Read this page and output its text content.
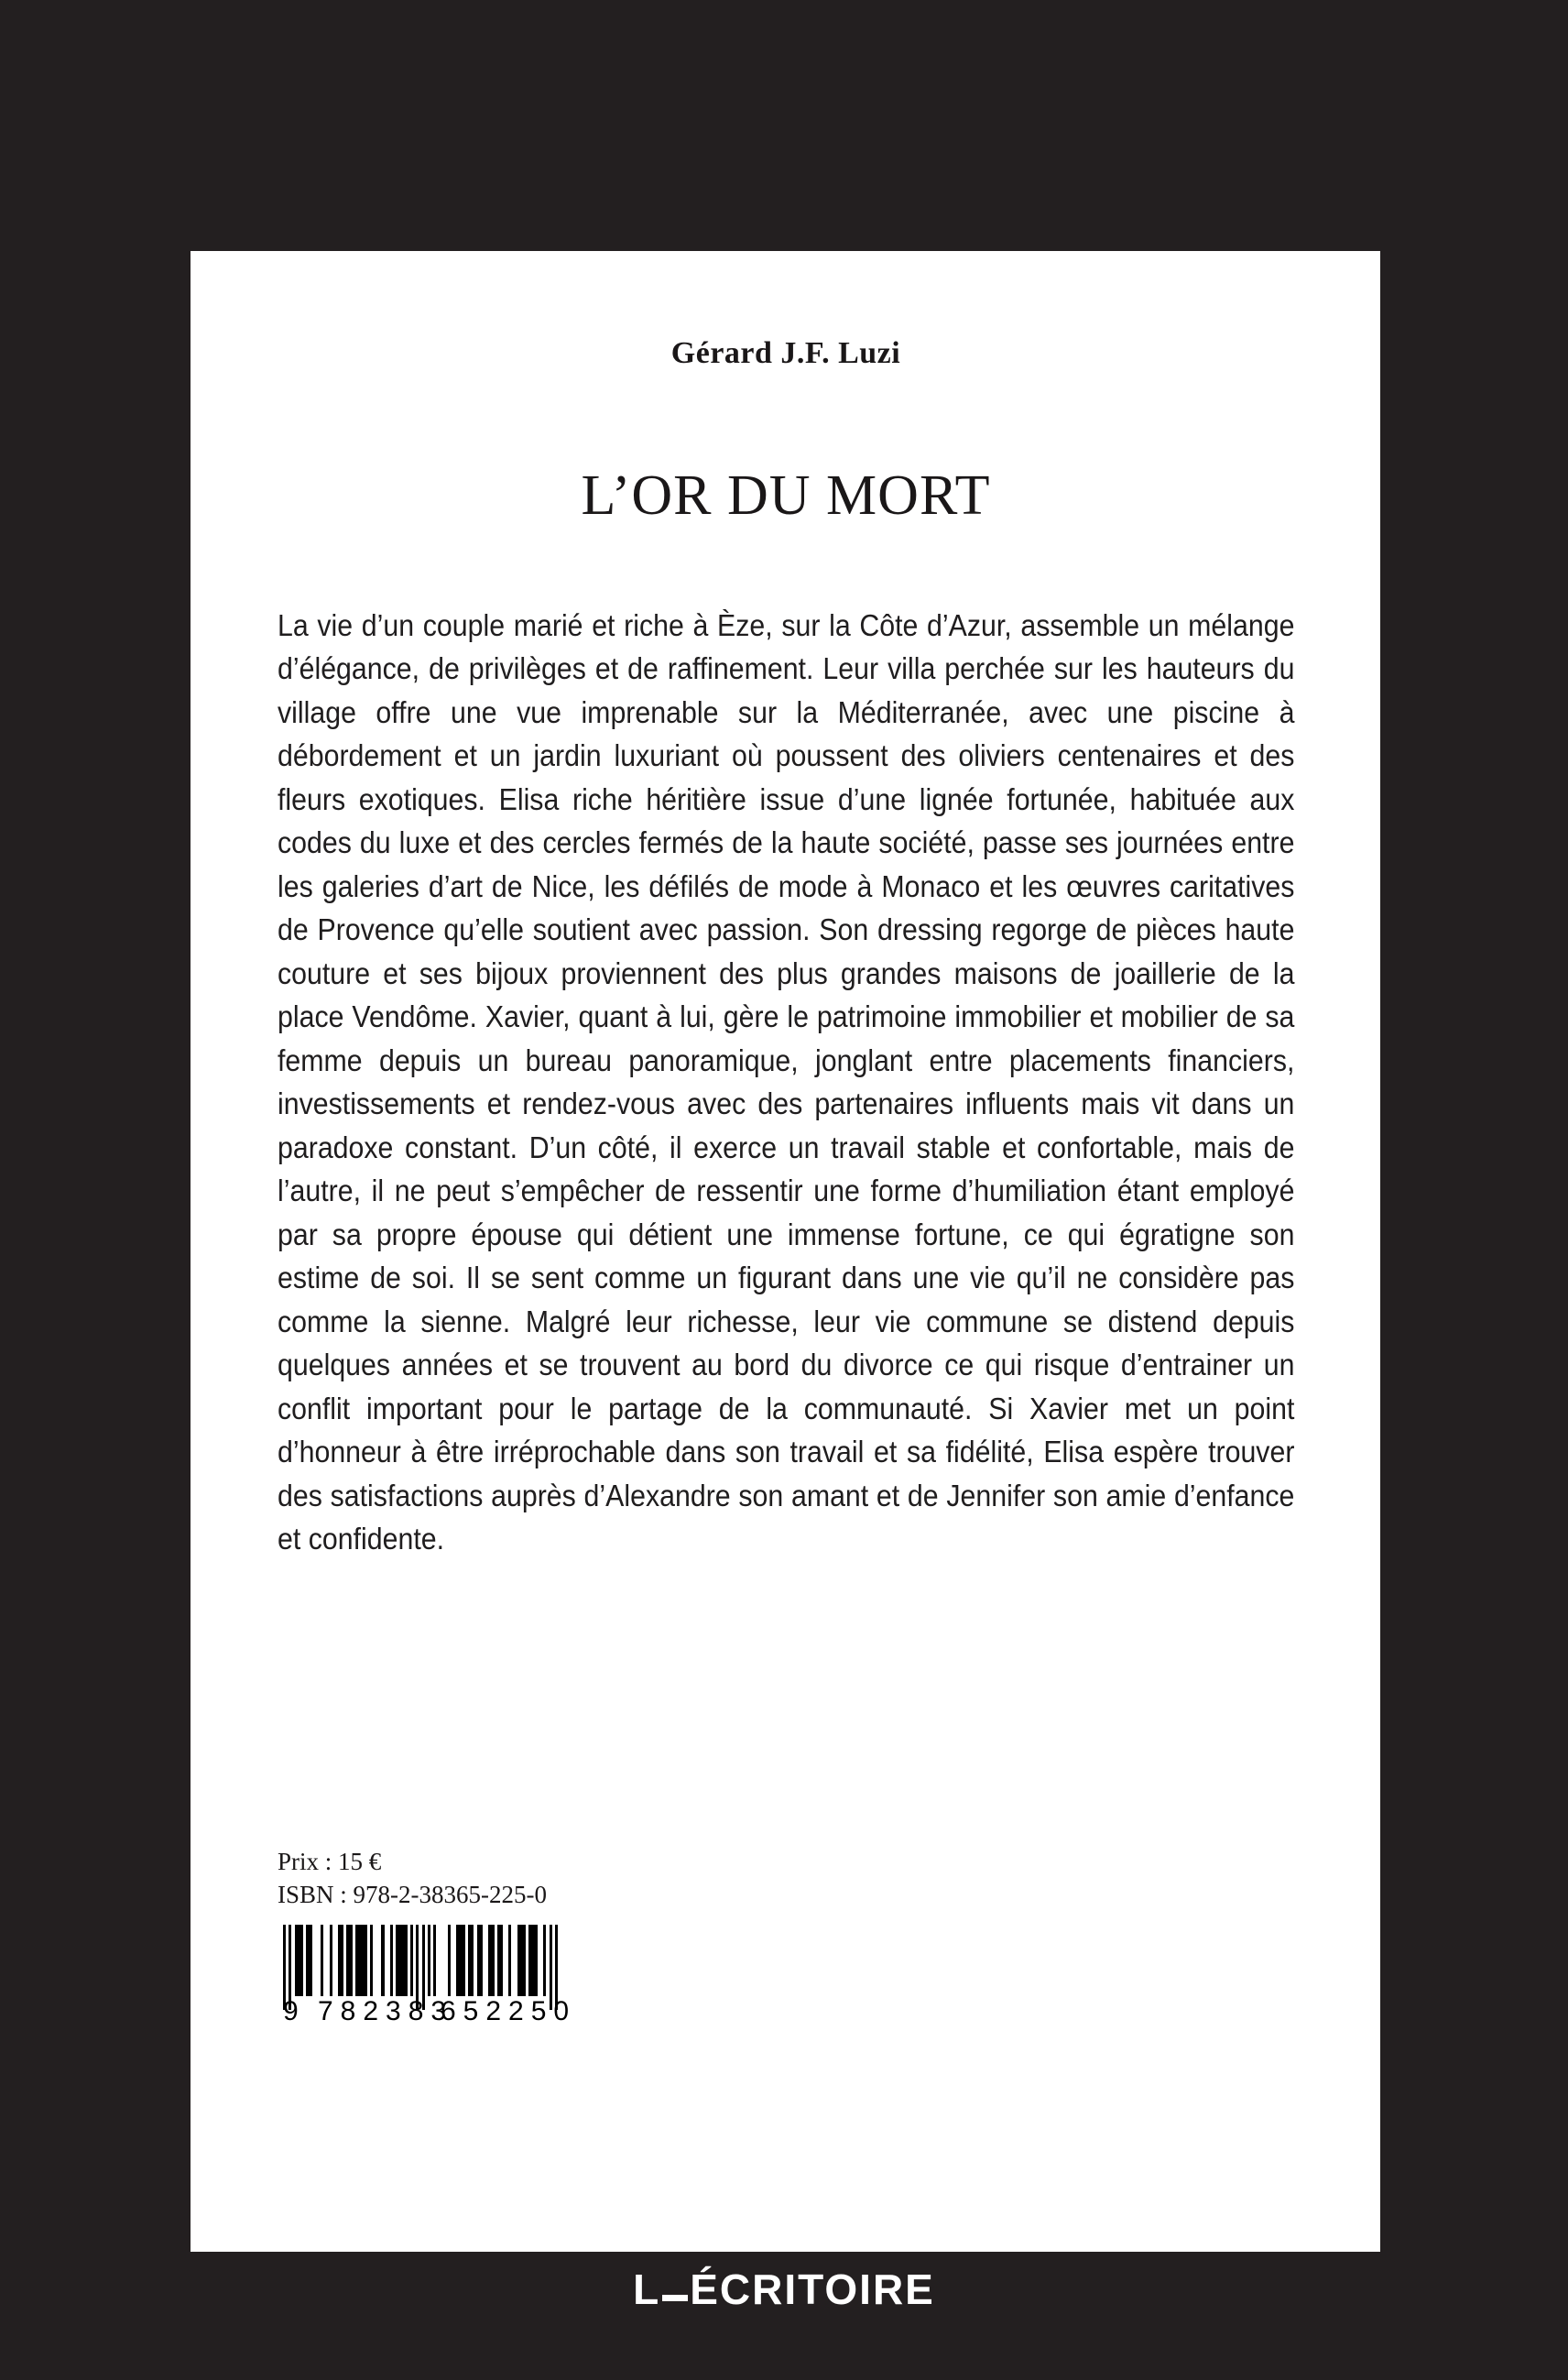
Gérard J.F. Luzi
L’OR DU MORT

La vie d’un couple marié et riche à Èze, sur la Côte d’Azur, assemble un mélange d’élégance, de privilèges et de raffinement. Leur villa perchée sur les hauteurs du village offre une vue imprenable sur la Méditerranée, avec une piscine à débordement et un jardin luxuriant où poussent des oliviers centenaires et des fleurs exotiques. Elisa riche héritière issue d’une lignée fortunée, habituée aux codes du luxe et des cercles fermés de la haute société, passe ses journées entre les galeries d’art de Nice, les défilés de mode à Monaco et les œuvres caritatives de Provence qu’elle soutient avec passion. Son dressing regorge de pièces haute couture et ses bijoux proviennent des plus grandes maisons de joaillerie de la place Vendôme. Xavier, quant à lui, gère le patrimoine immobilier et mobilier de sa femme depuis un bureau panoramique, jonglant entre placements financiers, investissements et rendez-vous avec des partenaires influents mais vit dans un paradoxe constant. D’un côté, il exerce un travail stable et confortable, mais de l’autre, il ne peut s’empêcher de ressentir une forme d’humiliation étant employé par sa propre épouse qui détient une immense fortune, ce qui égratigne son estime de soi. Il se sent comme un figurant dans une vie qu’il ne considère pas comme la sienne. Malgré leur richesse, leur vie commune se distend depuis quelques années et se trouvent au bord du divorce ce qui risque d’entrainer un conflit important pour le partage de la communauté. Si Xavier met un point d’honneur à être irréprochable dans son travail et sa fidélité, Elisa espère trouver des satisfactions auprès d’Alexandre son amant et de Jennifer son amie d’enfance et confidente.

Prix : 15 €
ISBN : 978-2-38365-225-0
9 782383
652250
L ÉCRITOIRE
